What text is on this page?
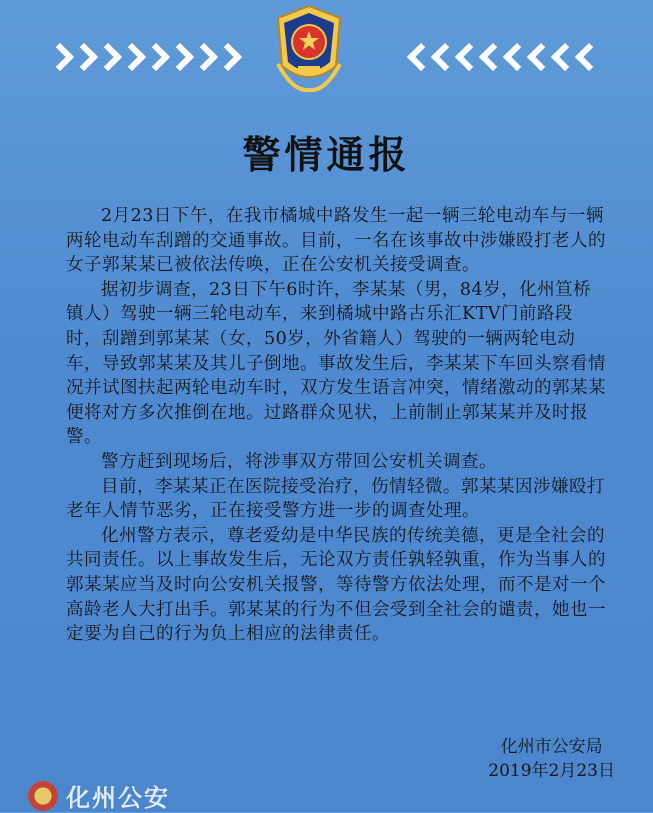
警情通报

2月23日下午，在我市橘城中路发生一起一辆三轮电动车与一辆两轮电动车刮蹭的交通事故。目前，一名在该事故中涉嫌殴打老人的女子郭某某已被依法传唤，正在公安机关接受调查。

据初步调查，23日下午6时许，李某某（男，84岁，化州笪桥镇人）驾驶一辆三轮电动车，来到橘城中路古乐汇KTV门前路段时，刮蹭到郭某某（女，50岁，外省籍人）驾驶的一辆两轮电动车，导致郭某某及其儿子倒地。事故发生后，李某某下车回头察看情况并试图扶起两轮电动车时，双方发生语言冲突，情绪激动的郭某某便将对方多次推倒在地。过路群众见状，上前制止郭某某并及时报警。

警方赶到现场后，将涉事双方带回公安机关调查。

目前，李某某正在医院接受治疗，伤情轻微。郭某某因涉嫌殴打老年人情节恶劣，正在接受警方进一步的调查处理。

化州警方表示，尊老爱幼是中华民族的传统美德，更是全社会的共同责任。以上事故发生后，无论双方责任孰轻孰重，作为当事人的郭某某应当及时向公安机关报警，等待警方依法处理，而不是对一个高龄老人大打出手。郭某某的行为不但会受到全社会的谴责，她也一定要为自己的行为负上相应的法律责任。

化州市公安局
2019年2月23日
化州公安
